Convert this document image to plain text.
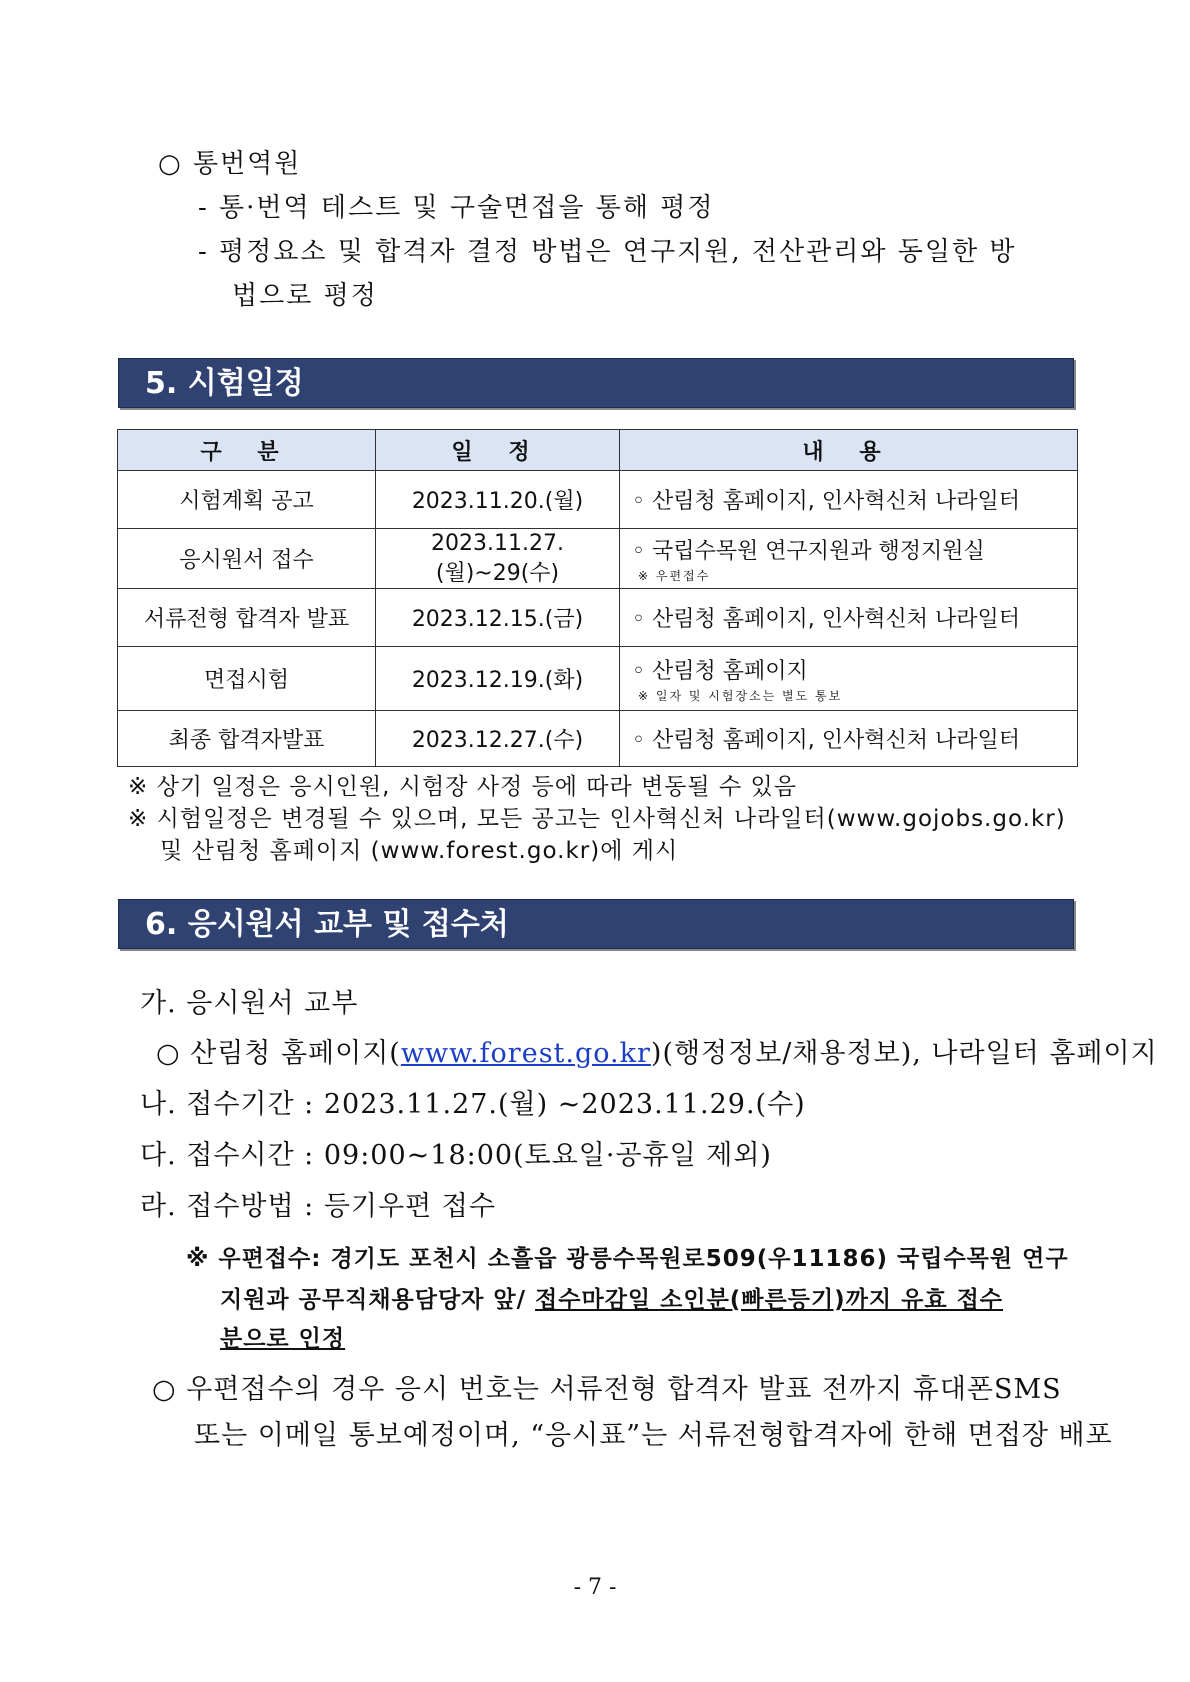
○ 통번역원
- 통·번역 테스트 및 구술면접을 통해 평정
- 평정요소 및 합격자 결정 방법은 연구지원, 전산관리와 동일한 방
법으로 평정
5. 시험일정
구 분	일 정	내 용
시험계획 공고	2023.11.20.(월)	◦ 산림청 홈페이지, 인사혁신처 나라일터

응시원서 접수	2023.11.27.(월)~29(수)	◦ 국립수목원 연구지원과 행정지원실
※ 우편접수

서류전형 합격자 발표	2023.12.15.(금)	◦ 산림청 홈페이지, 인사혁신처 나라일터

면접시험	2023.12.19.(화)	◦ 산림청 홈페이지
※ 일자 및 시험장소는 별도 통보

최종 합격자발표	2023.12.27.(수)	◦ 산림청 홈페이지, 인사혁신처 나라일터
※ 상기 일정은 응시인원, 시험장 사정 등에 따라 변동될 수 있음
※ 시험일정은 변경될 수 있으며, 모든 공고는 인사혁신처 나라일터(www.gojobs.go.kr)
및 산림청 홈페이지 (www.forest.go.kr)에 게시
6. 응시원서 교부 및 접수처
가. 응시원서 교부
○ 산림청 홈페이지(www.forest.go.kr)(행정정보/채용정보), 나라일터 홈페이지
나. 접수기간 : 2023.11.27.(월) ~2023.11.29.(수)
다. 접수시간 : 09:00~18:00(토요일·공휴일 제외)
라. 접수방법 : 등기우편 접수
※ 우편접수: 경기도 포천시 소흘읍 광릉수목원로509(우11186) 국립수목원 연구
지원과 공무직채용담당자 앞/ 접수마감일 소인분(빠른등기)까지 유효 접수
분으로 인정
○ 우편접수의 경우 응시 번호는 서류전형 합격자 발표 전까지 휴대폰SMS
또는 이메일 통보예정이며, “응시표”는 서류전형합격자에 한해 면접장 배포
- 7 -
